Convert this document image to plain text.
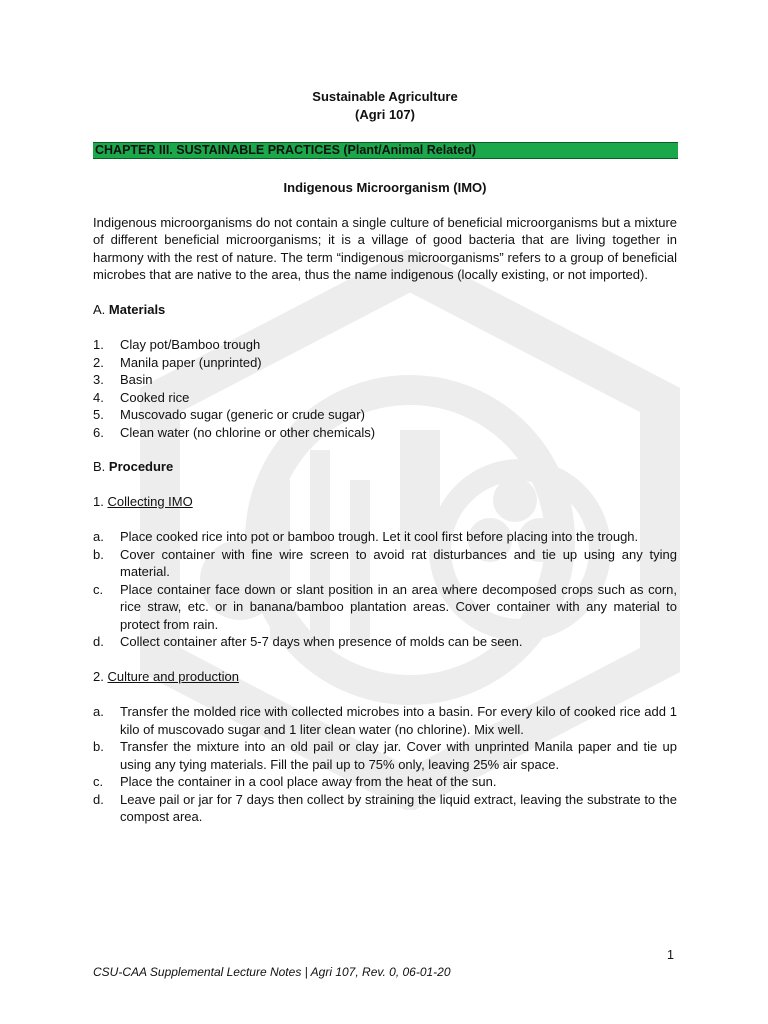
Sustainable Agriculture
(Agri 107)
CHAPTER III. SUSTAINABLE PRACTICES (Plant/Animal Related)
Indigenous Microorganism (IMO)
Indigenous microorganisms do not contain a single culture of beneficial microorganisms but a mixture of different beneficial microorganisms; it is a village of good bacteria that are living together in harmony with the rest of nature. The term “indigenous microorganisms” refers to a group of beneficial microbes that are native to the area, thus the name indigenous (locally existing, or not imported).
A. Materials
1. Clay pot/Bamboo trough
2. Manila paper (unprinted)
3. Basin
4. Cooked rice
5. Muscovado sugar (generic or crude sugar)
6. Clean water (no chlorine or other chemicals)
B. Procedure
1. Collecting IMO
a. Place cooked rice into pot or bamboo trough. Let it cool first before placing into the trough.
b. Cover container with fine wire screen to avoid rat disturbances and tie up using any tying material.
c. Place container face down or slant position in an area where decomposed crops such as corn, rice straw, etc. or in banana/bamboo plantation areas. Cover container with any material to protect from rain.
d. Collect container after 5-7 days when presence of molds can be seen.
2. Culture and production
a. Transfer the molded rice with collected microbes into a basin. For every kilo of cooked rice add 1 kilo of muscovado sugar and 1 liter clean water (no chlorine). Mix well.
b. Transfer the mixture into an old pail or clay jar. Cover with unprinted Manila paper and tie up using any tying materials. Fill the pail up to 75% only, leaving 25% air space.
c. Place the container in a cool place away from the heat of the sun.
d. Leave pail or jar for 7 days then collect by straining the liquid extract, leaving the substrate to the compost area.
1
CSU-CAA Supplemental Lecture Notes | Agri 107, Rev. 0, 06-01-20
